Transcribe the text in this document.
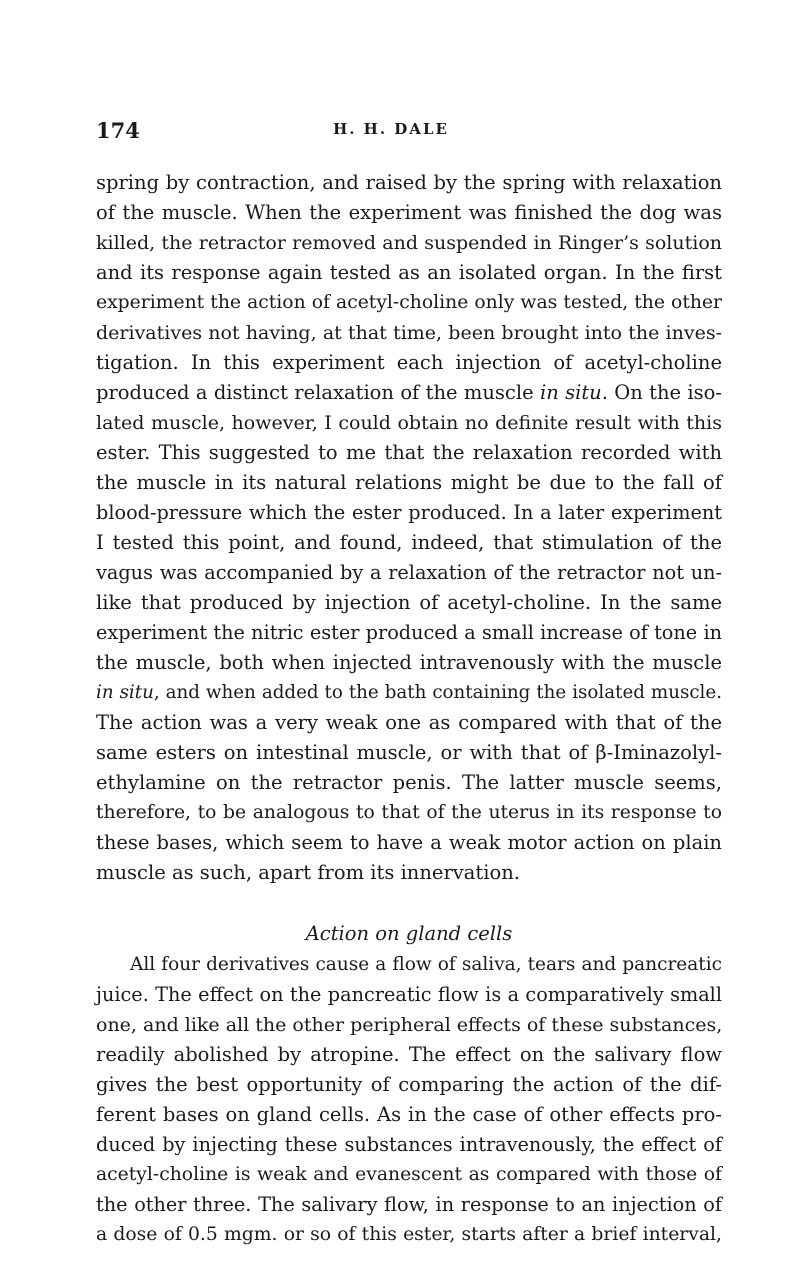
174	H. H. DALE
spring by contraction, and raised by the spring with relaxation
of the muscle. When the experiment was finished the dog was
killed, the retractor removed and suspended in Ringer’s solution
and its response again tested as an isolated organ. In the first
experiment the action of acetyl-choline only was tested, the other
derivatives not having, at that time, been brought into the inves-
tigation. In this experiment each injection of acetyl-choline
produced a distinct relaxation of the muscle in situ. On the iso-
lated muscle, however, I could obtain no definite result with this
ester. This suggested to me that the relaxation recorded with
the muscle in its natural relations might be due to the fall of
blood-pressure which the ester produced. In a later experiment
I tested this point, and found, indeed, that stimulation of the
vagus was accompanied by a relaxation of the retractor not un-
like that produced by injection of acetyl-choline. In the same
experiment the nitric ester produced a small increase of tone in
the muscle, both when injected intravenously with the muscle
in situ, and when added to the bath containing the isolated muscle.
The action was a very weak one as compared with that of the
same esters on intestinal muscle, or with that of β-Iminazolyl-
ethylamine on the retractor penis. The latter muscle seems,
therefore, to be analogous to that of the uterus in its response to
these bases, which seem to have a weak motor action on plain
muscle as such, apart from its innervation.
Action on gland cells
All four derivatives cause a flow of saliva, tears and pancreatic
juice. The effect on the pancreatic flow is a comparatively small
one, and like all the other peripheral effects of these substances,
readily abolished by atropine. The effect on the salivary flow
gives the best opportunity of comparing the action of the dif-
ferent bases on gland cells. As in the case of other effects pro-
duced by injecting these substances intravenously, the effect of
acetyl-choline is weak and evanescent as compared with those of
the other three. The salivary flow, in response to an injection of
a dose of 0.5 mgm. or so of this ester, starts after a brief interval,
